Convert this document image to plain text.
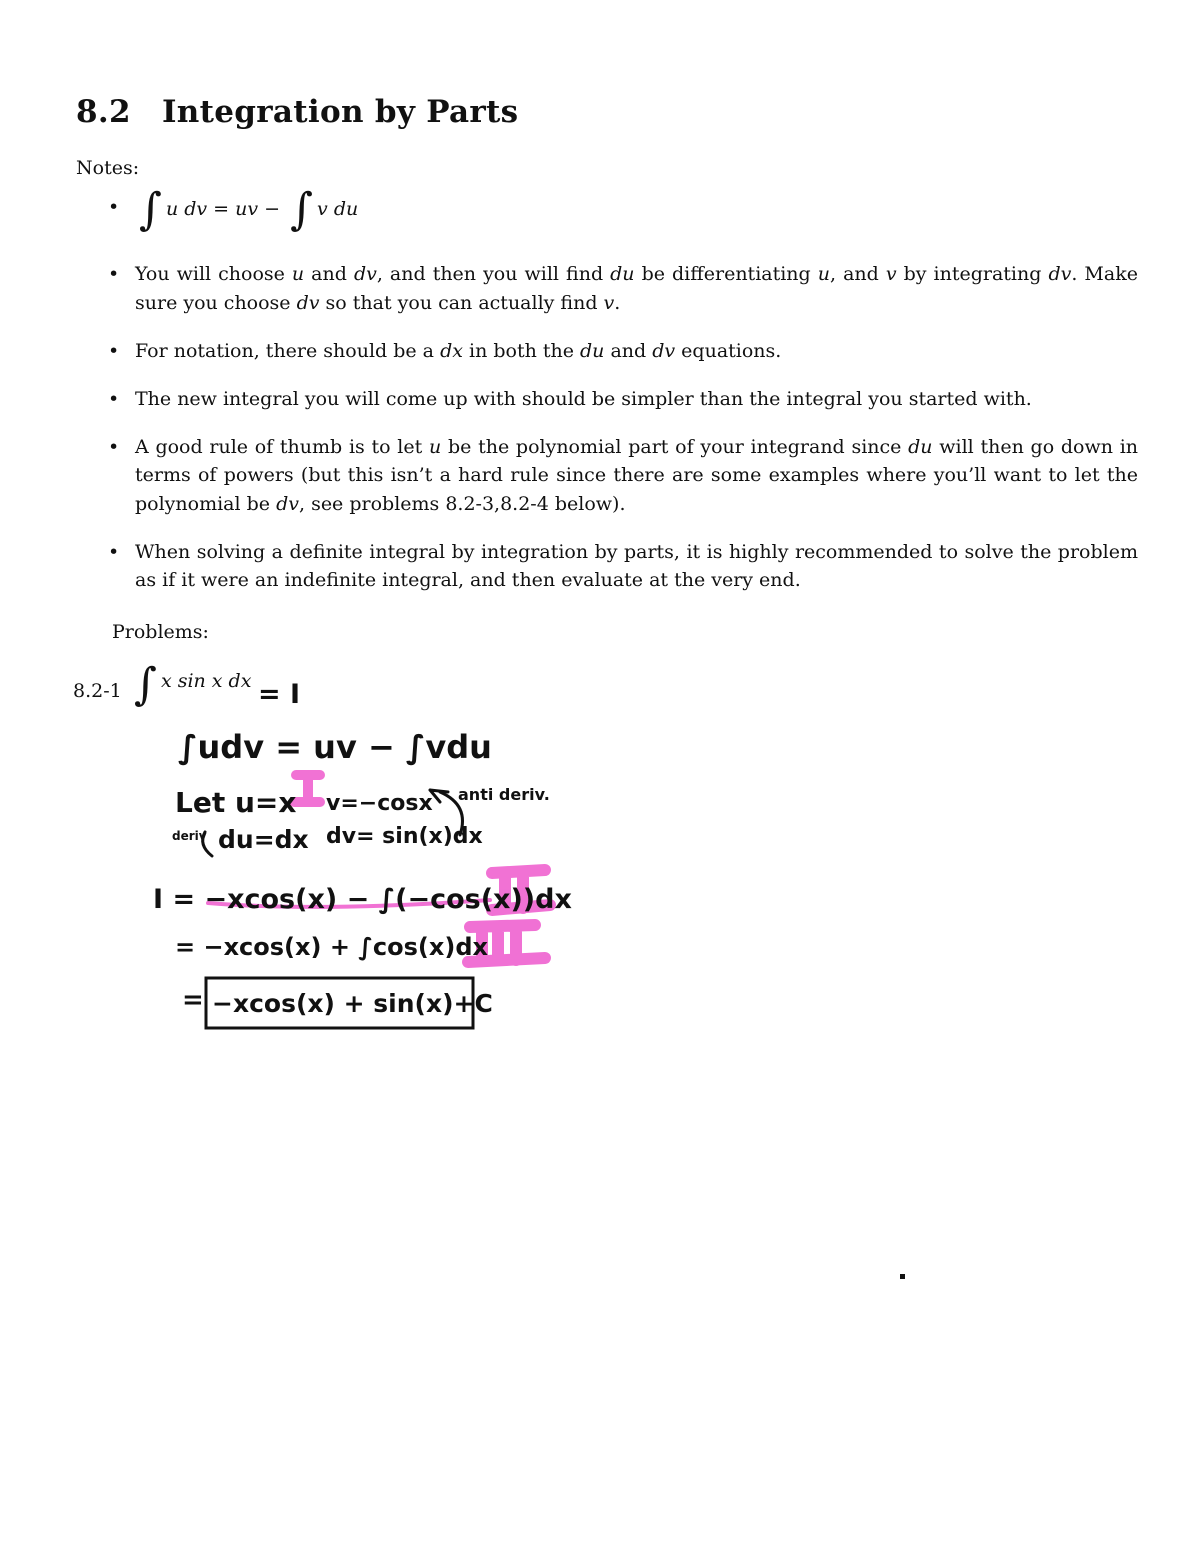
8.2 Integration by Parts
Notes:
• ∫ u dv = uv − ∫ v du
• You will choose u and dv, and then you will find du be differentiating u, and v by integrating dv. Make sure you choose dv so that you can actually find v.
• For notation, there should be a dx in both the du and dv equations.
• The new integral you will come up with should be simpler than the integral you started with.
• A good rule of thumb is to let u be the polynomial part of your integrand since du will then go down in terms of powers (but this isn’t a hard rule since there are some examples where you’ll want to let the polynomial be dv, see problems 8.2-3,8.2-4 below).
• When solving a definite integral by integration by parts, it is highly recommended to solve the problem as if it were an indefinite integral, and then evaluate at the very end.
Problems:
8.2-1 ∫ x sin x dx = I
∫udv = uv − ∫vdu
Let u=x v=−cosx anti deriv.
deriv du=dx dv= sin(x)dx
I = −xcos(x) − ∫(−cos(x))dx
= −xcos(x) + ∫cos(x)dx
= −xcos(x) + sin(x)+C
